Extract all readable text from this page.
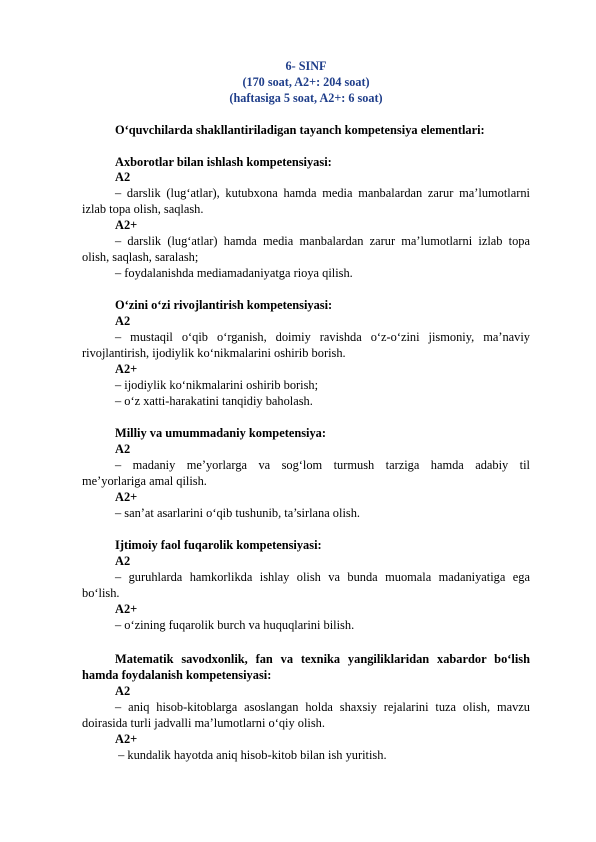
6- SINF
(170 soat, A2+: 204 soat)
(haftasiga 5 soat, A2+: 6 soat)
O‘quvchilarda shakllantiriladigan tayanch kompetensiya elementlari:
Axborotlar bilan ishlash kompetensiyasi:
A2
– darslik (lug‘atlar), kutubxona hamda media manbalardan zarur ma’lumotlarni
izlab topa olish, saqlash.
A2+
– darslik (lug‘atlar) hamda media manbalardan zarur ma’lumotlarni izlab topa
olish, saqlash, saralash;
– foydalanishda mediamadaniyatga rioya qilish.
O‘zini o‘zi rivojlantirish kompetensiyasi:
A2
– mustaqil o‘qib o‘rganish, doimiy ravishda o‘z-o‘zini jismoniy, ma’naviy
rivojlantirish, ijodiylik ko‘nikmalarini oshirib borish.
A2+
– ijodiylik ko‘nikmalarini oshirib borish;
– o‘z xatti-harakatini tanqidiy baholash.
Milliy va umummadaniy kompetensiya:
A2
– madaniy me’yorlarga va sog‘lom turmush tarziga hamda adabiy til
me’yorlariga amal qilish.
A2+
– san’at asarlarini o‘qib tushunib, ta’sirlana olish.
Ijtimoiy faol fuqarolik kompetensiyasi:
A2
– guruhlarda hamkorlikda ishlay olish va bunda muomala madaniyatiga ega
bo‘lish.
A2+
– o‘zining fuqarolik burch va huquqlarini bilish.
Matematik savodxonlik, fan va texnika yangiliklaridan xabardor bo‘lish
hamda foydalanish kompetensiyasi:
A2
– aniq hisob-kitoblarga asoslangan holda shaxsiy rejalarini tuza olish, mavzu
doirasida turli jadvalli ma’lumotlarni o‘qiy olish.
A2+
– kundalik hayotda aniq hisob-kitob bilan ish yuritish.
